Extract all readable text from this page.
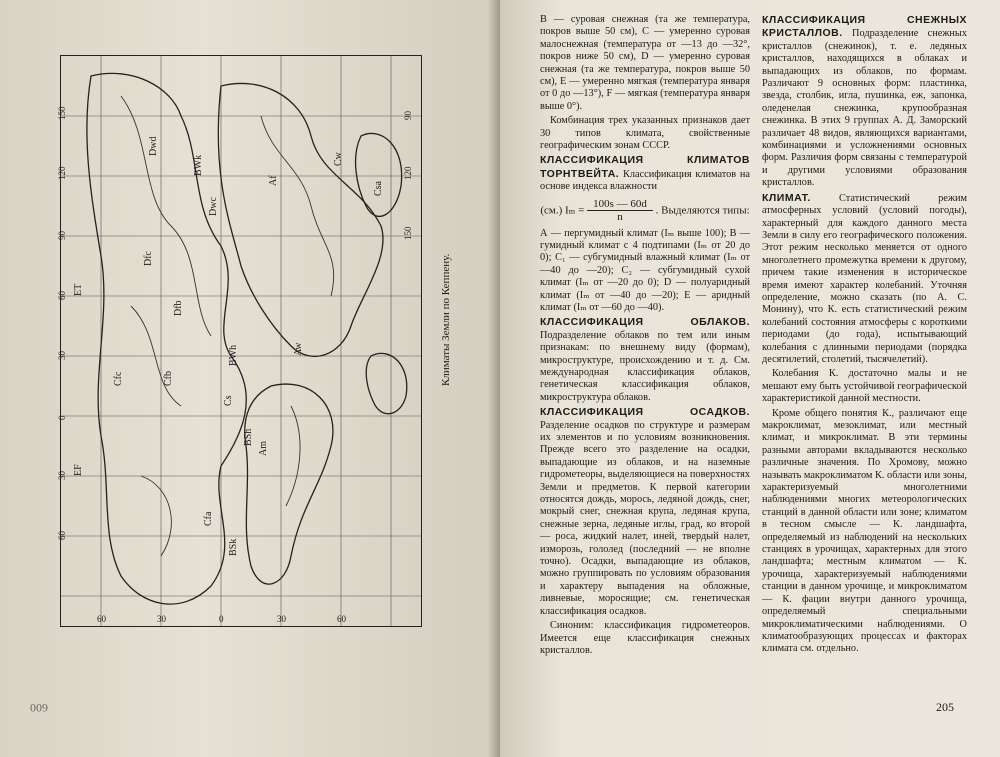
ET
Dfc
Dfb
Cfb
EF
Cfc
Af
Aw
Am
BWh
BSh
Csa
Cw
Cfa
Dwc
Dwd
BSk
BWk
Cs
150
120
90
60
30
0
30
60
90
120
150
60	30	0	30	60
Климаты Земли по Кеппену.
600

В — суровая снежная (та же температура, покров выше 50 см), С — умеренно суровая малоснежная (температура от —13 до —32°, покров ниже 50 см), D — умеренно суровая снежная (та же температура, покров выше 50 см), Е — умеренно мягкая (температура января от 0 до —13°), F — мягкая (температура января выше 0°).

Комбинация трех указанных признаков дает 30 типов климата, свойственные географическим зонам СССР.

КЛАССИФИКАЦИЯ КЛИМАТОВ ТОРНТВЕЙТА. Классификация климатов на основе индекса влажности

(см.) $I_m = \frac{100s — 60d}{n}$ . Выделяются типы:

А — пергумидный климат (Iₘ выше 100); В — гумидный климат с 4 подтипами (Iₘ от 20 до 0); C₁ — субгумидный влажный климат (Iₘ от —40 до —20); C₂ — субгумидный сухой климат (Iₘ от —20 до 0); D — полуаридный климат (Iₘ от —40 до —20); Е — аридный климат (Iₘ от —60 до —40).

КЛАССИФИКАЦИЯ ОБЛАКОВ. Подразделение облаков по тем или иным признакам: по внешнему виду (формам), микроструктуре, происхождению и т. д. См. международная классификация облаков, генетическая классификация облаков, микроструктура облаков.

КЛАССИФИКАЦИЯ ОСАДКОВ. Разделение осадков по структуре и размерам их элементов и по условиям возникновения. Прежде всего это разделение на осадки, выпадающие из облаков, и на наземные гидрометеоры, выделяющиеся на поверхностях Земли и предметов. К первой категории относятся дождь, морось, ледяной дождь, снег, мокрый снег, снежная крупа, ледяная крупа, снежные зерна, ледяные иглы, град, ко второй — роса, жидкий налет, иней, твердый налет, изморозь, гололед (последний — не вполне точно). Осадки, выпадающие из облаков, можно группировать по условиям образования и характеру выпадения на обложные, ливневые, моросящие; см. генетическая классификация осадков.

Синоним: классификация гидрометеоров. Имеется еще классификация снежных кристаллов.

КЛАССИФИКАЦИЯ СНЕЖНЫХ КРИСТАЛЛОВ. Подразделение снежных кристаллов (снежинок), т. е. ледяных кристаллов, находящихся в облаках и выпадающих из облаков, по формам. Различают 9 основных форм: пластинка, звезда, столбик, игла, пушинка, еж, запонка, оледенелая снежинка, крупообразная снежинка. В этих 9 группах А. Д. Заморский различает 48 видов, являющихся вариантами, комбинациями и усложнениями основных форм. Различия форм связаны с температурой и другими условиями образования кристаллов.

КЛИМАТ.	Статистический режим атмосферных условий (условий погоды), характерный для каждого данного места Земли в силу его географического положения. Этот режим несколько меняется от одного многолетнего промежутка времени к другому, причем такие изменения в историческое время имеют характер колебаний. Уточняя определение, можно сказать (по А. С. Монину), что К. есть статистический режим колебаний состояния атмосферы с короткими периодами (до года), испытывающий колебания с длинными периодами (порядка десятилетий, столетий, тысячелетий).

Колебания К. достаточно малы и не мешают ему быть устойчивой географической характеристикой данной местности.

Кроме общего понятия К., различают еще макроклимат, мезоклимат, или местный климат, и микроклимат. В эти термины разными авторами вкладываются несколько различные значения. По Хромову, можно называть макроклиматом К. области или зоны, характеризуемый многолетними наблюдениями многих метеорологических станций в данной области или зоне; климатом в тесном смысле — К. ландшафта, определяемый из наблюдений на нескольких станциях в урочищах, характерных для этого ландшафта; местным климатом — К. урочища, характеризуемый наблюдениями станции в данном урочище, и микроклиматом — К. фации внутри данного урочища, определяемый специальными микроклиматическими наблюдениями. О климатообразующих процессах и факторах климата см. отдельно.

205
